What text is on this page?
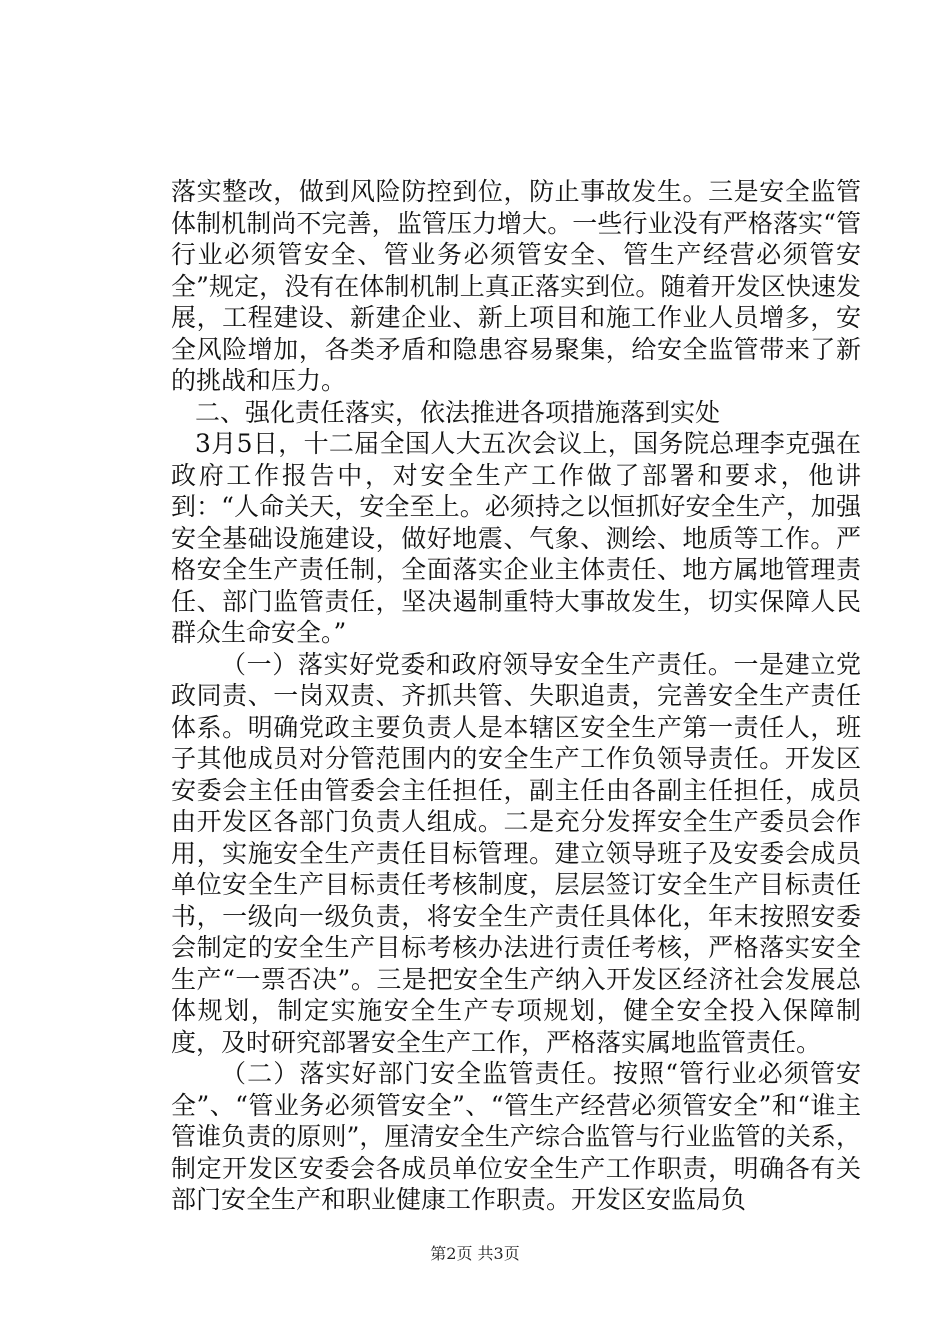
落实整改，做到风险防控到位，防止事故发生。三是安全监管体制机制尚不完善，监管压力增大。一些行业没有严格落实“管行业必须管安全、管业务必须管安全、管生产经营必须管安全”规定，没有在体制机制上真正落实到位。随着开发区快速发展，工程建设、新建企业、新上项目和施工作业人员增多，安全风险增加，各类矛盾和隐患容易聚集，给安全监管带来了新的挑战和压力。

二、强化责任落实，依法推进各项措施落到实处

3月5日，十二届全国人大五次会议上，国务院总理李克强在政府工作报告中，对安全生产工作做了部署和要求，他讲到：“人命关天，安全至上。必须持之以恒抓好安全生产，加强安全基础设施建设，做好地震、气象、测绘、地质等工作。严格安全生产责任制，全面落实企业主体责任、地方属地管理责任、部门监管责任，坚决遏制重特大事故发生，切实保障人民群众生命安全。”

（一）落实好党委和政府领导安全生产责任。一是建立党政同责、一岗双责、齐抓共管、失职追责，完善安全生产责任体系。明确党政主要负责人是本辖区安全生产第一责任人，班子其他成员对分管范围内的安全生产工作负领导责任。开发区安委会主任由管委会主任担任，副主任由各副主任担任，成员由开发区各部门负责人组成。二是充分发挥安全生产委员会作用，实施安全生产责任目标管理。建立领导班子及安委会成员单位安全生产目标责任考核制度，层层签订安全生产目标责任书，一级向一级负责，将安全生产责任具体化，年末按照安委会制定的安全生产目标考核办法进行责任考核，严格落实安全生产“一票否决”。三是把安全生产纳入开发区经济社会发展总体规划，制定实施安全生产专项规划，健全安全投入保障制度，及时研究部署安全生产工作，严格落实属地监管责任。

（二）落实好部门安全监管责任。按照“管行业必须管安全”、“管业务必须管安全”、“管生产经营必须管安全”和“谁主管谁负责的原则”，厘清安全生产综合监管与行业监管的关系，制定开发区安委会各成员单位安全生产工作职责，明确各有关部门安全生产和职业健康工作职责。开发区安监局负

第2页 共3页
